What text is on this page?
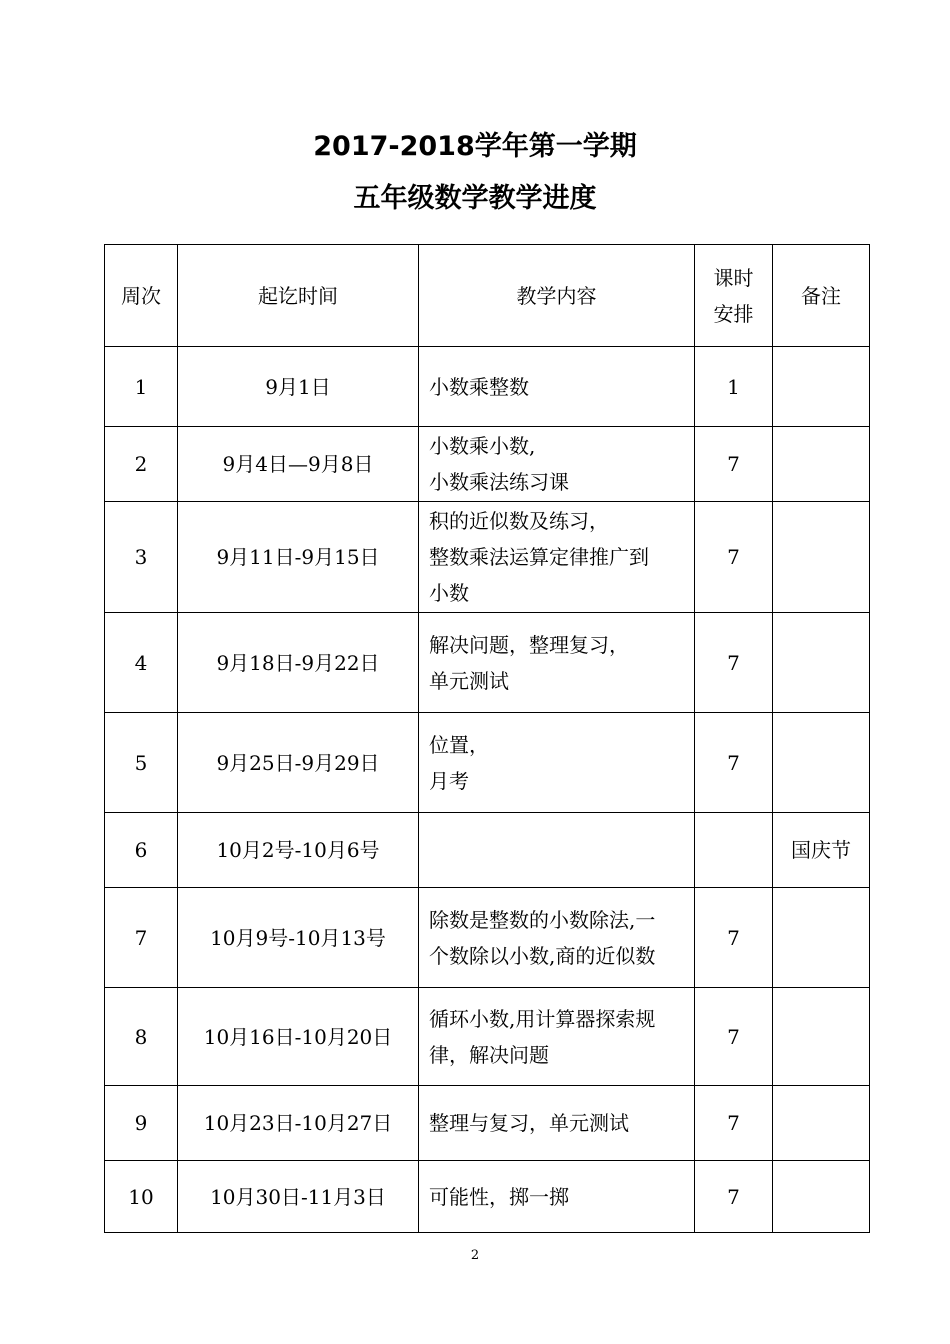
2017-2018学年第一学期
五年级数学教学进度
周次	起讫时间	教学内容	课时
安排	备注
1	9月1日	小数乘整数	1	
2	9月4日—9月8日	小数乘小数,
小数乘法练习课	7	
3	9月11日-9月15日	积的近似数及练习，
整数乘法运算定律推广到
小数	7	
4	9月18日-9月22日	解决问题，整理复习，
单元测试	7	
5	9月25日-9月29日	位置，
月考	7	
6	10月2号-10月6号			国庆节
7	10月9号-10月13号	除数是整数的小数除法,一
个数除以小数,商的近似数	7	
8	10月16日-10月20日	循环小数,用计算器探索规
律，解决问题	7	
9	10月23日-10月27日	整理与复习，单元测试	7	
10	10月30日-11月3日	可能性，掷一掷	7	
2
